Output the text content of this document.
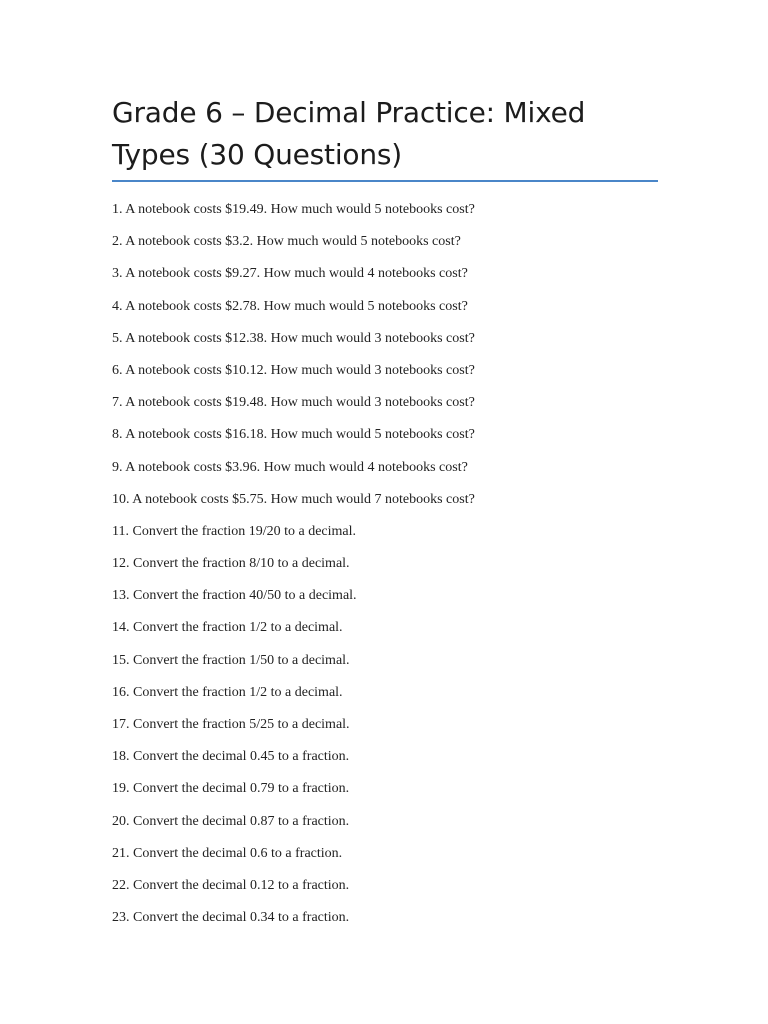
Grade 6 – Decimal Practice: Mixed
Types (30 Questions)
1. A notebook costs $19.49. How much would 5 notebooks cost?
2. A notebook costs $3.2. How much would 5 notebooks cost?
3. A notebook costs $9.27. How much would 4 notebooks cost?
4. A notebook costs $2.78. How much would 5 notebooks cost?
5. A notebook costs $12.38. How much would 3 notebooks cost?
6. A notebook costs $10.12. How much would 3 notebooks cost?
7. A notebook costs $19.48. How much would 3 notebooks cost?
8. A notebook costs $16.18. How much would 5 notebooks cost?
9. A notebook costs $3.96. How much would 4 notebooks cost?
10. A notebook costs $5.75. How much would 7 notebooks cost?
11. Convert the fraction 19/20 to a decimal.
12. Convert the fraction 8/10 to a decimal.
13. Convert the fraction 40/50 to a decimal.
14. Convert the fraction 1/2 to a decimal.
15. Convert the fraction 1/50 to a decimal.
16. Convert the fraction 1/2 to a decimal.
17. Convert the fraction 5/25 to a decimal.
18. Convert the decimal 0.45 to a fraction.
19. Convert the decimal 0.79 to a fraction.
20. Convert the decimal 0.87 to a fraction.
21. Convert the decimal 0.6 to a fraction.
22. Convert the decimal 0.12 to a fraction.
23. Convert the decimal 0.34 to a fraction.
